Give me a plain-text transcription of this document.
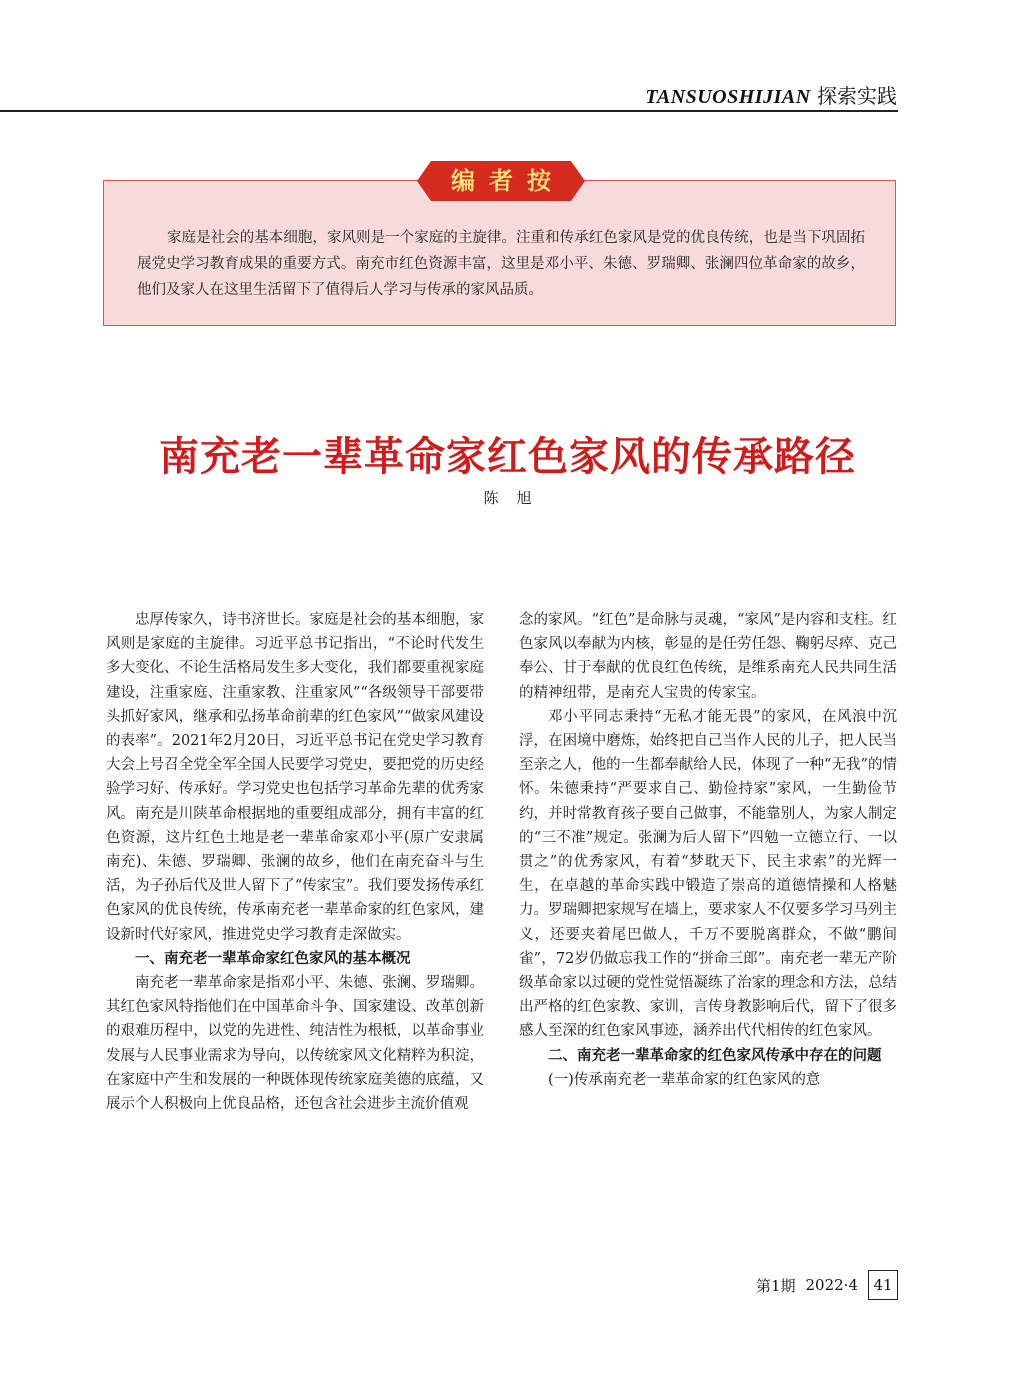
TANSUOSHIJIAN 探索实践
编者按
家庭是社会的基本细胞，家风则是一个家庭的主旋律。注重和传承红色家风是党的优良传统，也是当下巩固拓展党史学习教育成果的重要方式。南充市红色资源丰富，这里是邓小平、朱德、罗瑞卿、张澜四位革命家的故乡，他们及家人在这里生活留下了值得后人学习与传承的家风品质。
南充老一辈革命家红色家风的传承路径
陈旭

忠厚传家久，诗书济世长。家庭是社会的基本细胞，家风则是家庭的主旋律。习近平总书记指出，“不论时代发生多大变化、不论生活格局发生多大变化，我们都要重视家庭建设，注重家庭、注重家教、注重家风”“各级领导干部要带头抓好家风，继承和弘扬革命前辈的红色家风”“做家风建设的表率”。2021年2月20日，习近平总书记在党史学习教育大会上号召全党全军全国人民要学习党史，要把党的历史经验学习好、传承好。学习党史也包括学习革命先辈的优秀家风。南充是川陕革命根据地的重要组成部分，拥有丰富的红色资源，这片红色土地是老一辈革命家邓小平(原广安隶属南充)、朱德、罗瑞卿、张澜的故乡，他们在南充奋斗与生活，为子孙后代及世人留下了“传家宝”。我们要发扬传承红色家风的优良传统，传承南充老一辈革命家的红色家风，建设新时代好家风，推进党史学习教育走深做实。

一、南充老一辈革命家红色家风的基本概况

南充老一辈革命家是指邓小平、朱德、张澜、罗瑞卿。其红色家风特指他们在中国革命斗争、国家建设、改革创新的艰难历程中，以党的先进性、纯洁性为根柢，以革命事业发展与人民事业需求为导向，以传统家风文化精粹为积淀，在家庭中产生和发展的一种既体现传统家庭美德的底蕴，又展示个人积极向上优良品格，还包含社会进步主流价值观

念的家风。“红色”是命脉与灵魂，“家风”是内容和支柱。红色家风以奉献为内核，彰显的是任劳任怨、鞠躬尽瘁、克己奉公、甘于奉献的优良红色传统，是维系南充人民共同生活的精神纽带，是南充人宝贵的传家宝。

邓小平同志秉持“无私才能无畏”的家风，在风浪中沉浮，在困境中磨炼，始终把自己当作人民的儿子，把人民当至亲之人，他的一生都奉献给人民，体现了一种“无我”的情怀。朱德秉持“严要求自己、勤俭持家”家风，一生勤俭节约，并时常教育孩子要自己做事，不能靠别人，为家人制定的“三不准”规定。张澜为后人留下“四勉一立德立行、一以贯之”的优秀家风，有着“梦耽天下、民主求索”的光辉一生，在卓越的革命实践中锻造了崇高的道德情操和人格魅力。罗瑞卿把家规写在墙上，要求家人不仅要多学习马列主义，还要夹着尾巴做人，千万不要脱离群众，不做“鹏间雀”，72岁仍做忘我工作的“拼命三郎”。南充老一辈无产阶级革命家以过硬的党性觉悟凝练了治家的理念和方法，总结出严格的红色家教、家训，言传身教影响后代，留下了很多感人至深的红色家风事迹，涵养出代代相传的红色家风。

二、南充老一辈革命家的红色家风传承中存在的问题

(一)传承南充老一辈革命家的红色家风的意

第1期 2022·4	41
